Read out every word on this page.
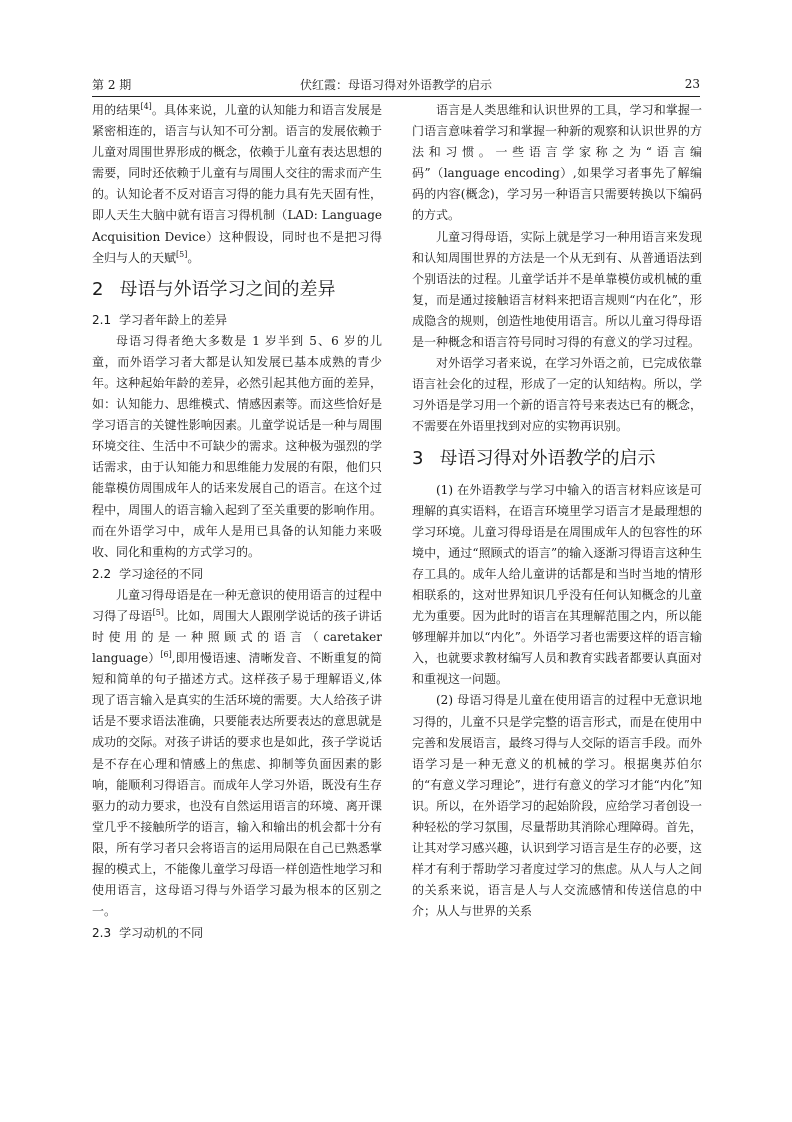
第 2 期	伏红霞：母语习得对外语教学的启示	23

用的结果[4]。具体来说，儿童的认知能力和语言发展是紧密相连的，语言与认知不可分割。语言的发展依赖于儿童对周围世界形成的概念，依赖于儿童有表达思想的需要，同时还依赖于儿童有与周围人交往的需求而产生的。认知论者不反对语言习得的能力具有先天固有性，即人天生大脑中就有语言习得机制（LAD: Language Acquisition Device）这种假设，同时也不是把习得全归与人的天赋[5]。

2 母语与外语学习之间的差异
2.1 学习者年龄上的差异

母语习得者绝大多数是 1 岁半到 5、6 岁的儿童，而外语学习者大都是认知发展已基本成熟的青少年。这种起始年龄的差异，必然引起其他方面的差异，如：认知能力、思维模式、情感因素等。而这些恰好是学习语言的关键性影响因素。儿童学说话是一种与周围环境交往、生活中不可缺少的需求。这种极为强烈的学话需求，由于认知能力和思维能力发展的有限，他们只能靠模仿周围成年人的话来发展自己的语言。在这个过程中，周围人的语言输入起到了至关重要的影响作用。而在外语学习中，成年人是用已具备的认知能力来吸收、同化和重构的方式学习的。

2.2 学习途径的不同

儿童习得母语是在一种无意识的使用语言的过程中习得了母语[5]。比如，周围大人跟刚学说话的孩子讲话时使用的是一种照顾式的语言（caretaker language）[6],即用慢语速、清晰发音、不断重复的简短和简单的句子描述方式。这样孩子易于理解语义,体现了语言输入是真实的生活环境的需要。大人给孩子讲话是不要求语法准确，只要能表达所要表达的意思就是成功的交际。对孩子讲话的要求也是如此，孩子学说话是不存在心理和情感上的焦虑、抑制等负面因素的影响，能顺利习得语言。而成年人学习外语，既没有生存驱力的动力要求，也没有自然运用语言的环境、离开课堂几乎不接触所学的语言，输入和输出的机会都十分有限，所有学习者只会将语言的运用局限在自己已熟悉掌握的模式上，不能像儿童学习母语一样创造性地学习和使用语言，这母语习得与外语学习最为根本的区别之一。

2.3 学习动机的不同

语言是人类思维和认识世界的工具，学习和掌握一门语言意味着学习和掌握一种新的观察和认识世界的方法和习惯。一些语言学家称之为“语言编码”（language encoding）,如果学习者事先了解编码的内容(概念)，学习另一种语言只需要转换以下编码的方式。

儿童习得母语，实际上就是学习一种用语言来发现和认知周围世界的方法是一个从无到有、从普通语法到个别语法的过程。儿童学话并不是单靠模仿或机械的重复，而是通过接触语言材料来把语言规则“内在化”，形成隐含的规则，创造性地使用语言。所以儿童习得母语是一种概念和语言符号同时习得的有意义的学习过程。

对外语学习者来说，在学习外语之前，已完成依靠语言社会化的过程，形成了一定的认知结构。所以，学习外语是学习用一个新的语言符号来表达已有的概念，不需要在外语里找到对应的实物再识别。

3 母语习得对外语教学的启示

(1) 在外语教学与学习中输入的语言材料应该是可理解的真实语料，在语言环境里学习语言才是最理想的学习环境。儿童习得母语是在周围成年人的包容性的环境中，通过“照顾式的语言”的输入逐渐习得语言这种生存工具的。成年人给儿童讲的话都是和当时当地的情形相联系的，这对世界知识几乎没有任何认知概念的儿童尤为重要。因为此时的语言在其理解范围之内，所以能够理解并加以“内化”。外语学习者也需要这样的语言输入，也就要求教材编写人员和教育实践者都要认真面对和重视这一问题。

(2) 母语习得是儿童在使用语言的过程中无意识地习得的，儿童不只是学完整的语言形式，而是在使用中完善和发展语言，最终习得与人交际的语言手段。而外语学习是一种无意义的机械的学习。根据奥苏伯尔的“有意义学习理论”，进行有意义的学习才能“内化”知识。所以，在外语学习的起始阶段，应给学习者创设一种轻松的学习氛围，尽量帮助其消除心理障碍。首先，让其对学习感兴趣，认识到学习语言是生存的必要，这样才有利于帮助学习者度过学习的焦虑。从人与人之间的关系来说，语言是人与人交流感情和传送信息的中介；从人与世界的关系
